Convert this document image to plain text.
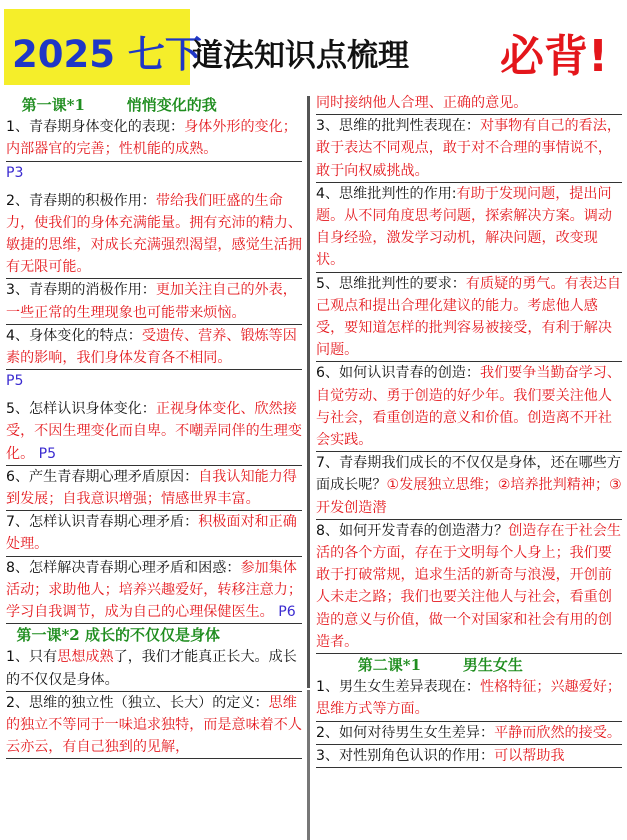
2025 七下
道法知识点梳理 必背!

第一课*1        悄悄变化的我

1、青春期身体变化的表现：身体外形的变化；内部器官的完善；性机能的成熟。

P3

2、青春期的积极作用：带给我们旺盛的生命力，使我们的身体充满能量。拥有充沛的精力、敏捷的思维，对成长充满强烈渴望，感觉生活拥有无限可能。

3、青春期的消极作用：更加关注自己的外表，一些正常的生理现象也可能带来烦恼。

4、身体变化的特点：受遗传、营养、锻炼等因素的影响，我们身体发育各不相同。

P5

5、怎样认识身体变化：正视身体变化、欣然接受，不因生理变化而自卑。不嘲弄同伴的生理变化。 P5

6、产生青春期心理矛盾原因：自我认知能力得到发展；自我意识增强；情感世界丰富。

7、怎样认识青春期心理矛盾：积极面对和正确处理。

8、怎样解决青春期心理矛盾和困惑：参加集体活动；求助他人；培养兴趣爱好，转移注意力；学习自我调节，成为自己的心理保健医生。 P6

第一课*2 成长的不仅仅是身体

1、只有思想成熟了，我们才能真正长大。成长的不仅仅是身体。

2、思维的独立性（独立、长大）的定义：思维的独立不等同于一味追求独特，而是意味着不人云亦云，有自己独到的见解，

同时接纳他人合理、正确的意见。

3、思维的批判性表现在：对事物有自己的看法，敢于表达不同观点，敢于对不合理的事情说不，敢于向权威挑战。

4、思维批判性的作用:有助于发现问题，提出问题。从不同角度思考问题，探索解决方案。调动自身经验，激发学习动机，解决问题，改变现状。

5、思维批判性的要求：有质疑的勇气。有表达自己观点和提出合理化建议的能力。考虑他人感受，要知道怎样的批判容易被接受，有利于解决问题。

6、如何认识青春的创造：我们要争当勤奋学习、自觉劳动、勇于创造的好少年。我们要关注他人与社会，看重创造的意义和价值。创造离不开社会实践。

7、青春期我们成长的不仅仅是身体，还在哪些方面成长呢？①发展独立思维；②培养批判精神；③开发创造潜

8、如何开发青春的创造潜力？创造存在于社会生活的各个方面，存在于文明每个人身上；我们要敢于打破常规，追求生活的新奇与浪漫，开创前人未走之路；我们也要关注他人与社会，看重创造的意义与价值，做一个对国家和社会有用的创造者。

第二课*1        男生女生

1、男生女生差异表现在：性格特征；兴趣爱好；思维方式等方面。

2、如何对待男生女生差异：平静而欣然的接受。

3、对性别角色认识的作用：可以帮助我
